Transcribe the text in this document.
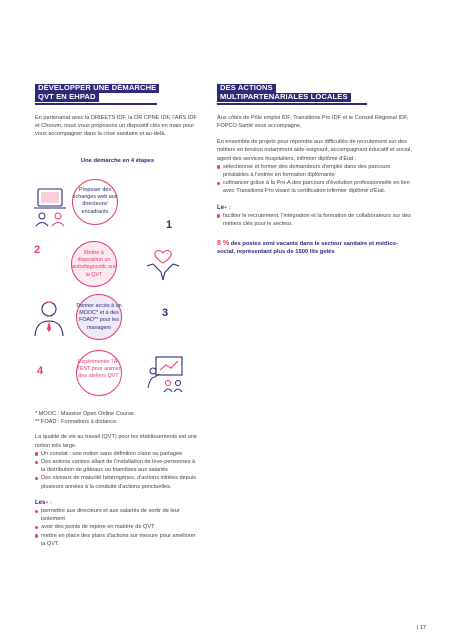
DÉVELOPPER UNE DÉMARCHE
QVT EN EHPAD

En partenariat avec la DRIEETS IDF, la DR CPNE IDF, l'ARS IDF et Chorum, nous vous proposons un dispositif clés en main pour vous accompagner dans la crise sanitaire et au-delà.

Une démarche en 4 étapes
Proposer des échanges web aux directeurs/ encadrants
1
2	Mettre à disposition un autodiagnostic sur la QVT
Donner accès à un MOOC* et à des FOAD** pour les managers
3
4
Expérimenter l'A-TEST pour animer des ateliers QVT
* MOOC : Massive Open Online Course.
** FOAD : Formations à distance.
La qualité de vie au travail (QVT) pour les établissements est une notion très large.
Un constat : une notion sans définition claire ou partagée
Des actions variées allant de l'installation de lève-personnes à la distribution de gâteaux ou friandises aux salariés
Des niveaux de maturité hétérogènes, d'actions initiées depuis plusieurs années à la conduite d'actions ponctuelles.
Les+ :
permettre aux directeurs et aux salariés de sortir de leur isolement
avoir des points de repère en matière de QVT
mettre en place des plans d'actions sur mesure pour améliorer la QVT.
DES ACTIONS
MULTIPARTENARIALES LOCALES

Aux côtés de Pôle emploi IDF, Transitions Pro IDF et le Conseil Régional IDF, FOPCO Santé vous accompagne,

En ensemble de projets pour répondre aux difficultés de recrutement sur des métiers en tension notamment aide-soignant, accompagnant éducatif et social, agent des services hospitaliers, infirmier diplômé d'État :
sélectionner et former des demandeurs d'emploi dans des parcours préalables à l'entrée en formation diplômante
cofinancer grâce à la Pro-A des parcours d'évolution professionnelle en lien avec Transitions Pro visant la certification infirmier diplômé d'État.
Le+ :
faciliter le recrutement, l'intégration et la formation de collaborateurs sur des métiers clés pour le secteur.
8 % des postes sont vacants dans le secteur sanitaire et médico-social, représentant plus de 1500 lits gelés
| 17
